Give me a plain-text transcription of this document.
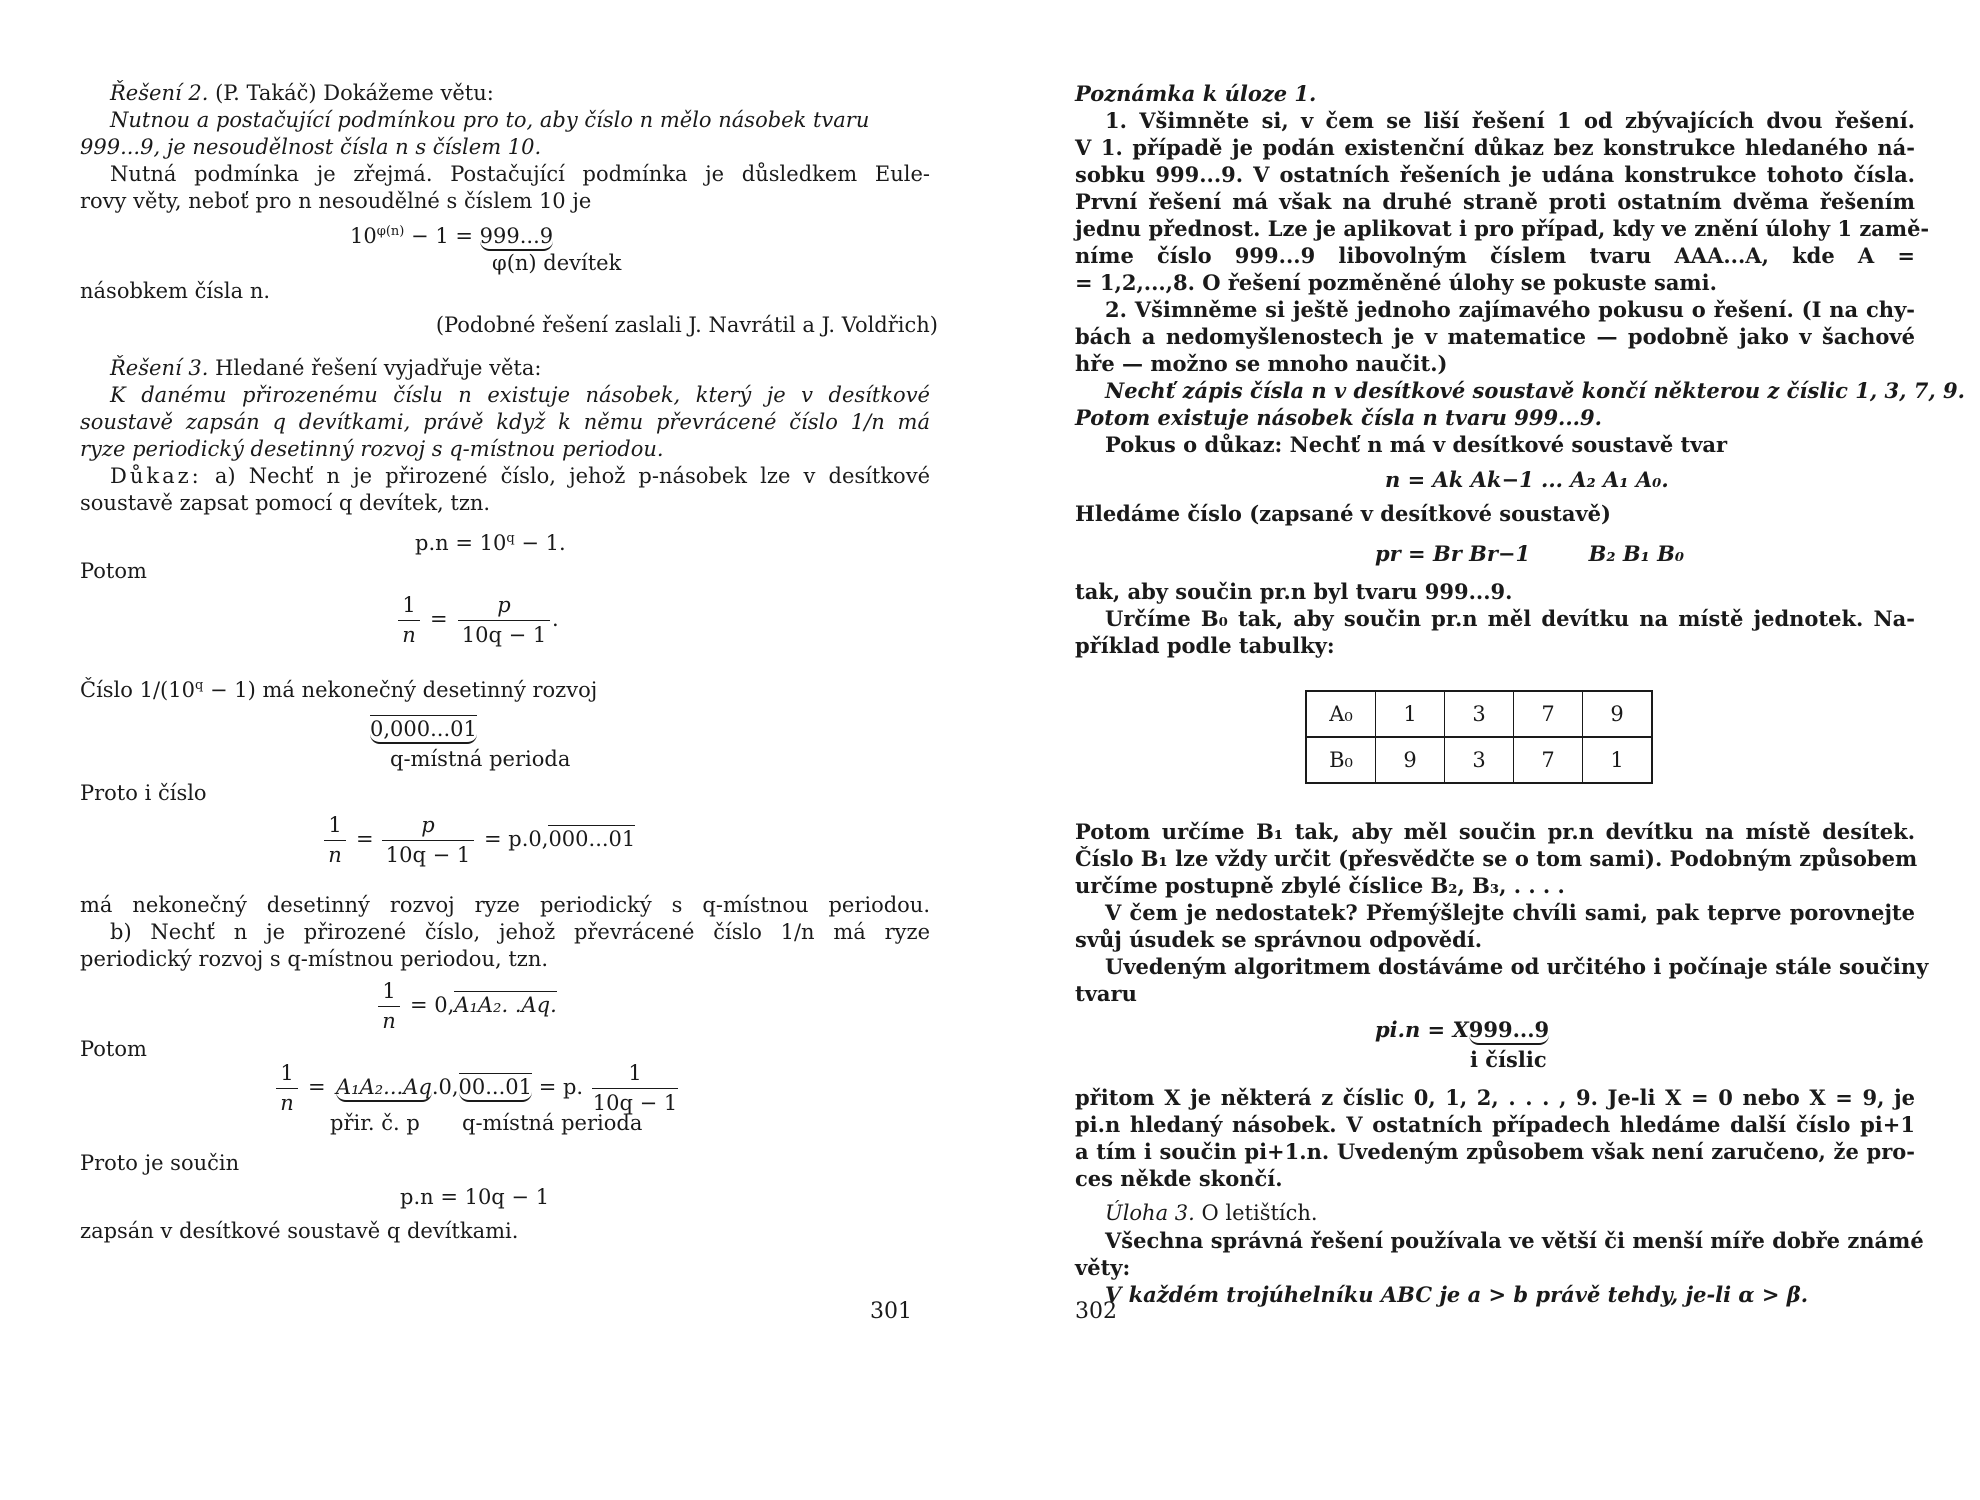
Řešení 2. (P. Takáč) Dokážeme větu:

Nutnou a postačující podmínkou pro to, aby číslo n mělo násobek tvaru

999...9, je nesoudělnost čísla n s číslem 10.

Nutná podmínka je zřejmá. Postačující podmínka je důsledkem Eule-

rovy věty, neboť pro n nesoudělné s číslem 10 je

$10^{\varphi(n)} - 1 = 999...9$
φ(n) devítek

násobkem čísla n.

(Podobné řešení zaslali J. Navrátil a J. Voldřich)

Řešení 3. Hledané řešení vyjadřuje věta:

K danému přirozenému číslu n existuje násobek, který je v desítkové

soustavě zapsán q devítkami, právě když k němu převrácené číslo 1/n má

ryze periodický desetinný rozvoj s q-místnou periodou.

Důkaz: a) Nechť n je přirozené číslo, jehož p-násobek lze v desítkové

soustavě zapsat pomocí q devítek, tzn.

$p.n = 10^q - 1$.

Potom

1
n
=
p
10q − 1
.

Číslo $1/(10^q - 1)$ má nekonečný desetinný rozvoj

0,000...01
q-místná perioda

Proto i číslo

1
n
=
p
10q − 1
= p.0,000...01

má nekonečný desetinný rozvoj ryze periodický s q-místnou periodou.

b) Nechť n je přirozené číslo, jehož převrácené číslo 1/n má ryze

periodický rozvoj s q-místnou periodou, tzn.

1
n
= 0,A₁A₂. .Aq.

Potom

1
n
= A₁A₂...Aq.0,00...01 = p.
1
10q − 1
přir. č. p q-místná perioda

Proto je součin

p.n = 10q − 1

zapsán v desítkové soustavě q devítkami.

301

Poznámka k úloze 1.

1. Všimněte si, v čem se liší řešení 1 od zbývajících dvou řešení.

V 1. případě je podán existenční důkaz bez konstrukce hledaného ná-

sobku 999...9. V ostatních řešeních je udána konstrukce tohoto čísla.

První řešení má však na druhé straně proti ostatním dvěma řešením

jednu přednost. Lze je aplikovat i pro případ, kdy ve znění úlohy 1 zamě-

níme číslo 999...9 libovolným číslem tvaru AAA...A, kde A =

= 1,2,...,8. O řešení pozměněné úlohy se pokuste sami.

2. Všimněme si ještě jednoho zajímavého pokusu o řešení. (I na chy-

bách a nedomyšlenostech je v matematice — podobně jako v šachové

hře — možno se mnoho naučit.)

Nechť zápis čísla n v desítkové soustavě končí některou z číslic 1, 3, 7, 9.

Potom existuje násobek čísla n tvaru 999...9.

Pokus o důkaz: Nechť n má v desítkové soustavě tvar

n = Ak Ak−1 ... A₂ A₁ A₀.

Hledáme číslo (zapsané v desítkové soustavě)

pr = Br Br−1        B₂ B₁ B₀

tak, aby součin pr.n byl tvaru 999...9.

Určíme B₀ tak, aby součin pr.n měl devítku na místě jednotek. Na-

příklad podle tabulky:

A₀	1	3	7	9
B₀	9	3	7	1

Potom určíme B₁ tak, aby měl součin pr.n devítku na místě desítek.

Číslo B₁ lze vždy určit (přesvědčte se o tom sami). Podobným způsobem

určíme postupně zbylé číslice B₂, B₃, . . . .

V čem je nedostatek? Přemýšlejte chvíli sami, pak teprve porovnejte

svůj úsudek se správnou odpovědí.

Uvedeným algoritmem dostáváme od určitého i počínaje stále součiny

tvaru

pi.n = X999...9
i číslic

přitom X je některá z číslic 0, 1, 2, . . . , 9. Je-li X = 0 nebo X = 9, je

pi.n hledaný násobek. V ostatních případech hledáme další číslo pi+1

a tím i součin pi+1.n. Uvedeným způsobem však není zaručeno, že pro-

ces někde skončí.

Úloha 3. O letištích.

Všechna správná řešení používala ve větší či menší míře dobře známé

věty:

V každém trojúhelníku ABC je a > b právě tehdy, je-li α > β.

302
